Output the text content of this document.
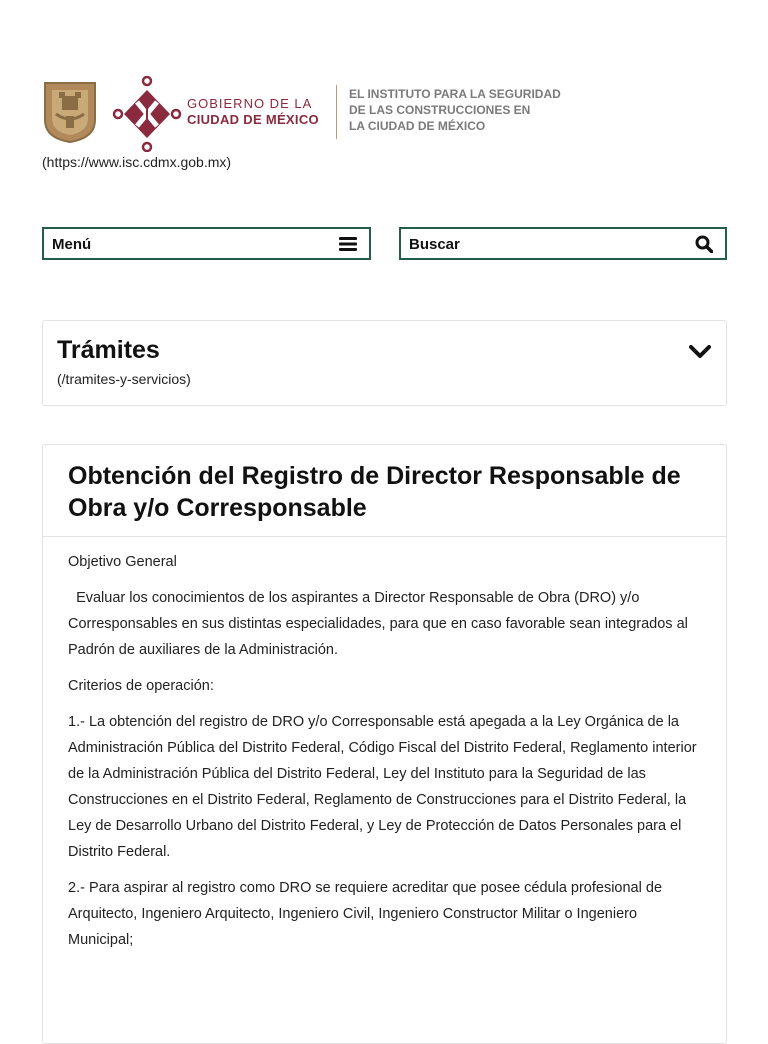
GOBIERNO DE LA
CIUDAD DE MÉXICO
EL INSTITUTO PARA LA SEGURIDAD
DE LAS CONSTRUCCIONES EN
LA CIUDAD DE MÉXICO
(https://www.isc.cdmx.gob.mx)
Menú	Buscar
Trámites
(/tramites-y-servicios)
Obtención del Registro de Director Responsable de Obra y/o Corresponsable

Objetivo General

Evaluar los conocimientos de los aspirantes a Director Responsable de Obra (DRO) y/o Corresponsables en sus distintas especialidades, para que en caso favorable sean integrados al Padrón de auxiliares de la Administración.

Criterios de operación:

1.- La obtención del registro de DRO y/o Corresponsable está apegada a la Ley Orgánica de la Administración Pública del Distrito Federal, Código Fiscal del Distrito Federal, Reglamento interior de la Administración Pública del Distrito Federal, Ley del Instituto para la Seguridad de las Construcciones en el Distrito Federal, Reglamento de Construcciones para el Distrito Federal, la Ley de Desarrollo Urbano del Distrito Federal, y Ley de Protección de Datos Personales para el Distrito Federal.

2.- Para aspirar al registro como DRO se requiere acreditar que posee cédula profesional de Arquitecto, Ingeniero Arquitecto, Ingeniero Civil, Ingeniero Constructor Militar o Ingeniero Municipal;
